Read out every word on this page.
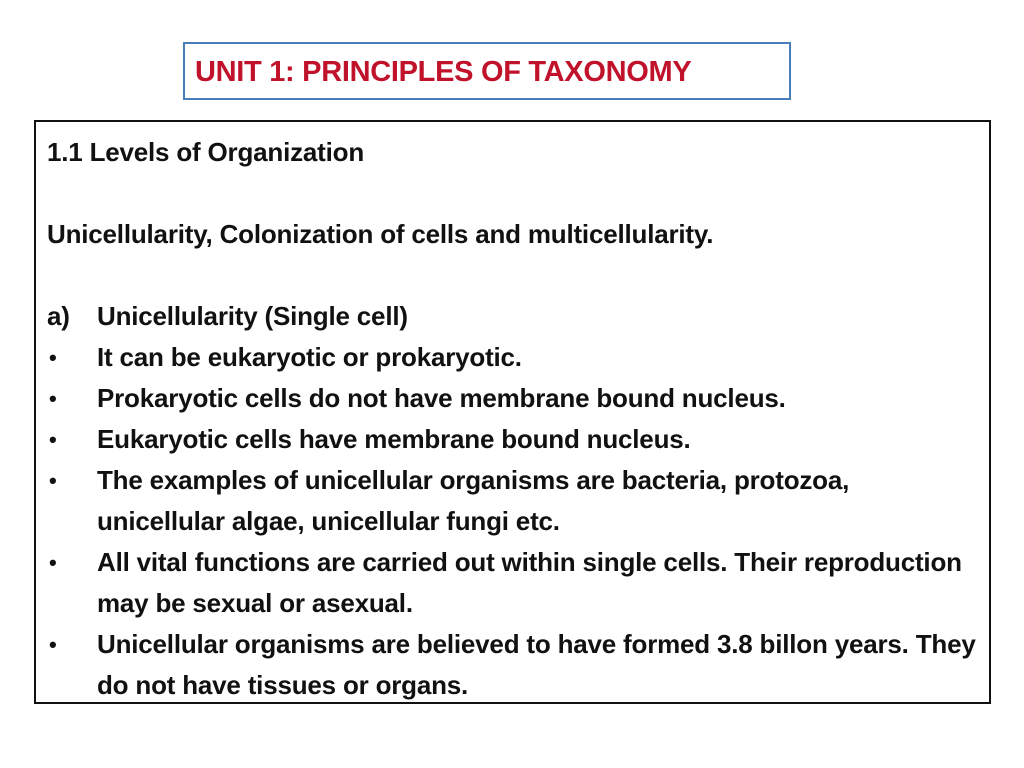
UNIT 1: PRINCIPLES OF TAXONOMY
1.1 Levels of Organization
Unicellularity, Colonization of cells and multicellularity.
a)	Unicellularity (Single cell)
•	It can be eukaryotic or prokaryotic.
•	Prokaryotic cells do not have membrane bound nucleus.
•	Eukaryotic cells have membrane bound nucleus.
•	The examples of unicellular organisms are bacteria, protozoa, unicellular algae, unicellular fungi etc.
•	All vital functions are carried out within single cells. Their reproduction may be sexual or asexual.
•	Unicellular organisms are believed to have formed 3.8 billon years. They do not have tissues or organs.
